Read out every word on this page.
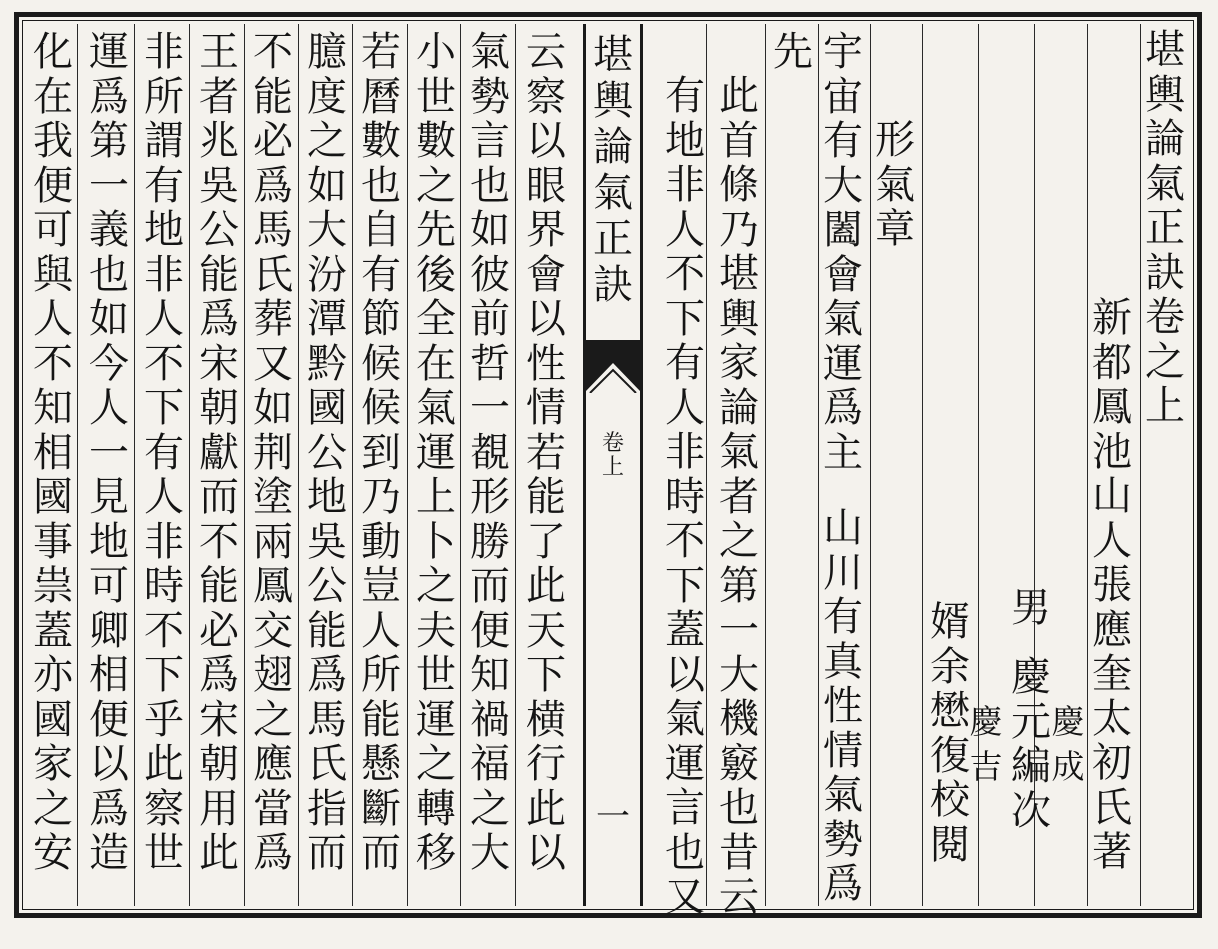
堪
輿
論
氣
正
訣
卷
上
一
堪
輿
論
氣
正
訣
卷
之
上
新
都
鳳
池
山
人
張
應
奎
太
初
氏
著
慶
成
男
慶
元
編
次
慶
吉
婿
余
懋
復
校
閱
形
氣
章
宇
宙
有
大
闔
會
氣
運
爲
主
山
川
有
真
性
情
氣
勢
爲
先
此
首
條
乃
堪
輿
家
論
氣
者
之
第
一
大
機
竅
也
昔
云
有
地
非
人
不
下
有
人
非
時
不
下
蓋
以
氣
運
言
也
又
云
察
以
眼
界
會
以
性
情
若
能
了
此
天
下
横
行
此
以
氣
勢
言
也
如
彼
前
哲
一
覩
形
勝
而
便
知
禍
福
之
大
小
世
數
之
先
後
全
在
氣
運
上
卜
之
夫
世
運
之
轉
移
若
曆
數
也
自
有
節
候
候
到
乃
動
豈
人
所
能
懸
斷
而
臆
度
之
如
大
汾
潭
黔
國
公
地
吳
公
能
爲
馬
氏
指
而
不
能
必
爲
馬
氏
葬
又
如
荆
塗
兩
鳳
交
翅
之
應
當
爲
王
者
兆
吳
公
能
爲
宋
朝
獻
而
不
能
必
爲
宋
朝
用
此
非
所
謂
有
地
非
人
不
下
有
人
非
時
不
下
乎
此
察
世
運
爲
第
一
義
也
如
今
人
一
見
地
可
卿
相
便
以
爲
造
化
在
我
便
可
與
人
不
知
相
國
事
祟
蓋
亦
國
家
之
安
